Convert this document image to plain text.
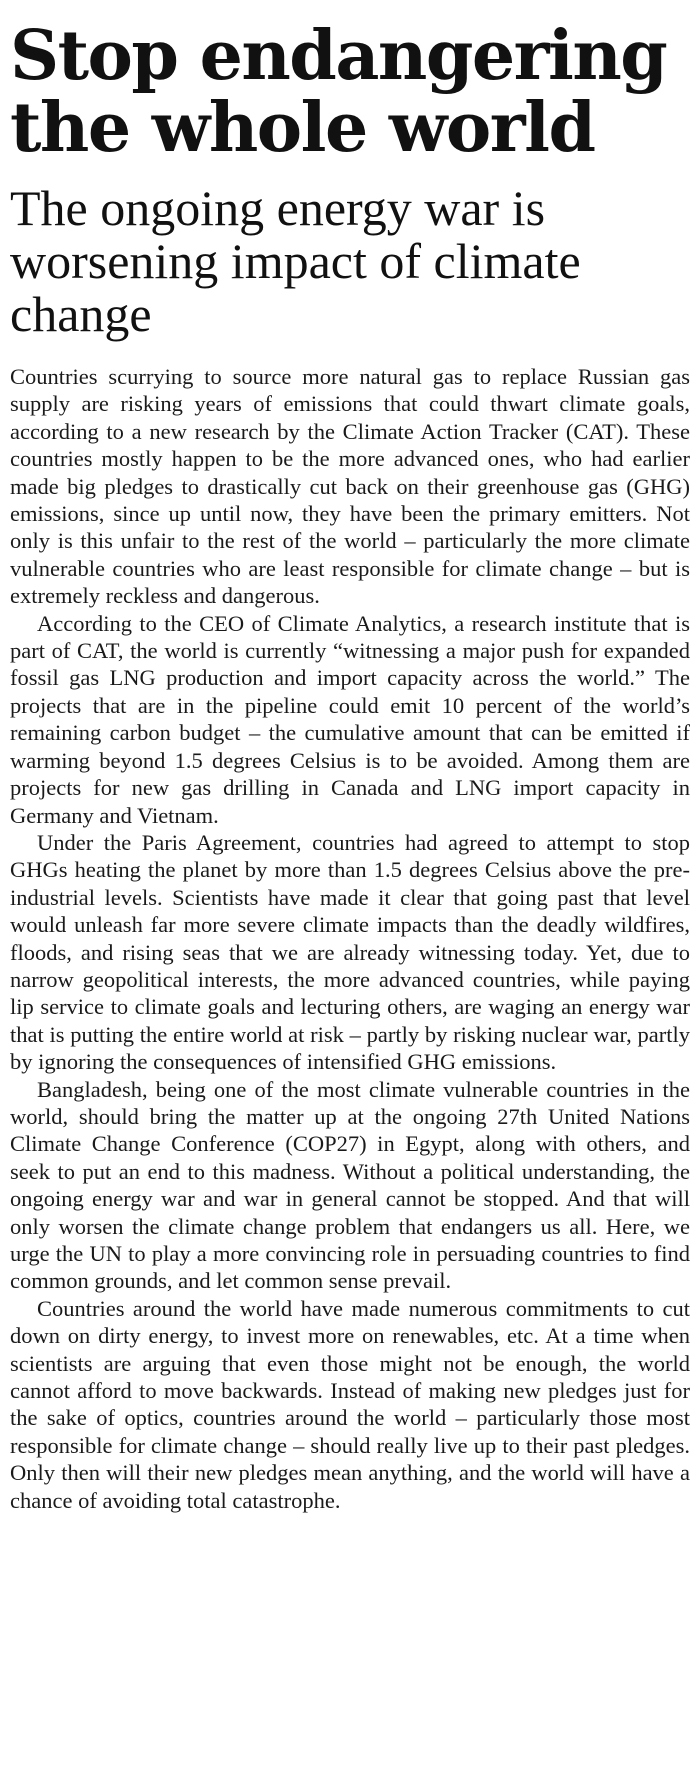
Stop endangering the whole world
The ongoing energy war is worsening impact of climate change

Countries scurrying to source more natural gas to replace Russian gas supply are risking years of emissions that could thwart climate goals, according to a new research by the Climate Action Tracker (CAT). These countries mostly happen to be the more advanced ones, who had earlier made big pledges to drastically cut back on their greenhouse gas (GHG) emissions, since up until now, they have been the primary emitters. Not only is this unfair to the rest of the world – particularly the more climate vulnerable countries who are least responsible for climate change – but is extremely reckless and dangerous.

According to the CEO of Climate Analytics, a research institute that is part of CAT, the world is currently “witnessing a major push for expanded fossil gas LNG production and import capacity across the world.” The projects that are in the pipeline could emit 10 percent of the world’s remaining carbon budget – the cumulative amount that can be emitted if warming beyond 1.5 degrees Celsius is to be avoided. Among them are projects for new gas drilling in Canada and LNG import capacity in Germany and Vietnam.

Under the Paris Agreement, countries had agreed to attempt to stop GHGs heating the planet by more than 1.5 degrees Celsius above the pre-industrial levels. Scientists have made it clear that going past that level would unleash far more severe climate impacts than the deadly wildfires, floods, and rising seas that we are already witnessing today. Yet, due to narrow geopolitical interests, the more advanced countries, while paying lip service to climate goals and lecturing others, are waging an energy war that is putting the entire world at risk – partly by risking nuclear war, partly by ignoring the consequences of intensified GHG emissions.

Bangladesh, being one of the most climate vulnerable countries in the world, should bring the matter up at the ongoing 27th United Nations Climate Change Conference (COP27) in Egypt, along with others, and seek to put an end to this madness. Without a political understanding, the ongoing energy war and war in general cannot be stopped. And that will only worsen the climate change problem that endangers us all. Here, we urge the UN to play a more convincing role in persuading countries to find common grounds, and let common sense prevail.

Countries around the world have made numerous commitments to cut down on dirty energy, to invest more on renewables, etc. At a time when scientists are arguing that even those might not be enough, the world cannot afford to move backwards. Instead of making new pledges just for the sake of optics, countries around the world – particularly those most responsible for climate change – should really live up to their past pledges. Only then will their new pledges mean anything, and the world will have a chance of avoiding total catastrophe.
